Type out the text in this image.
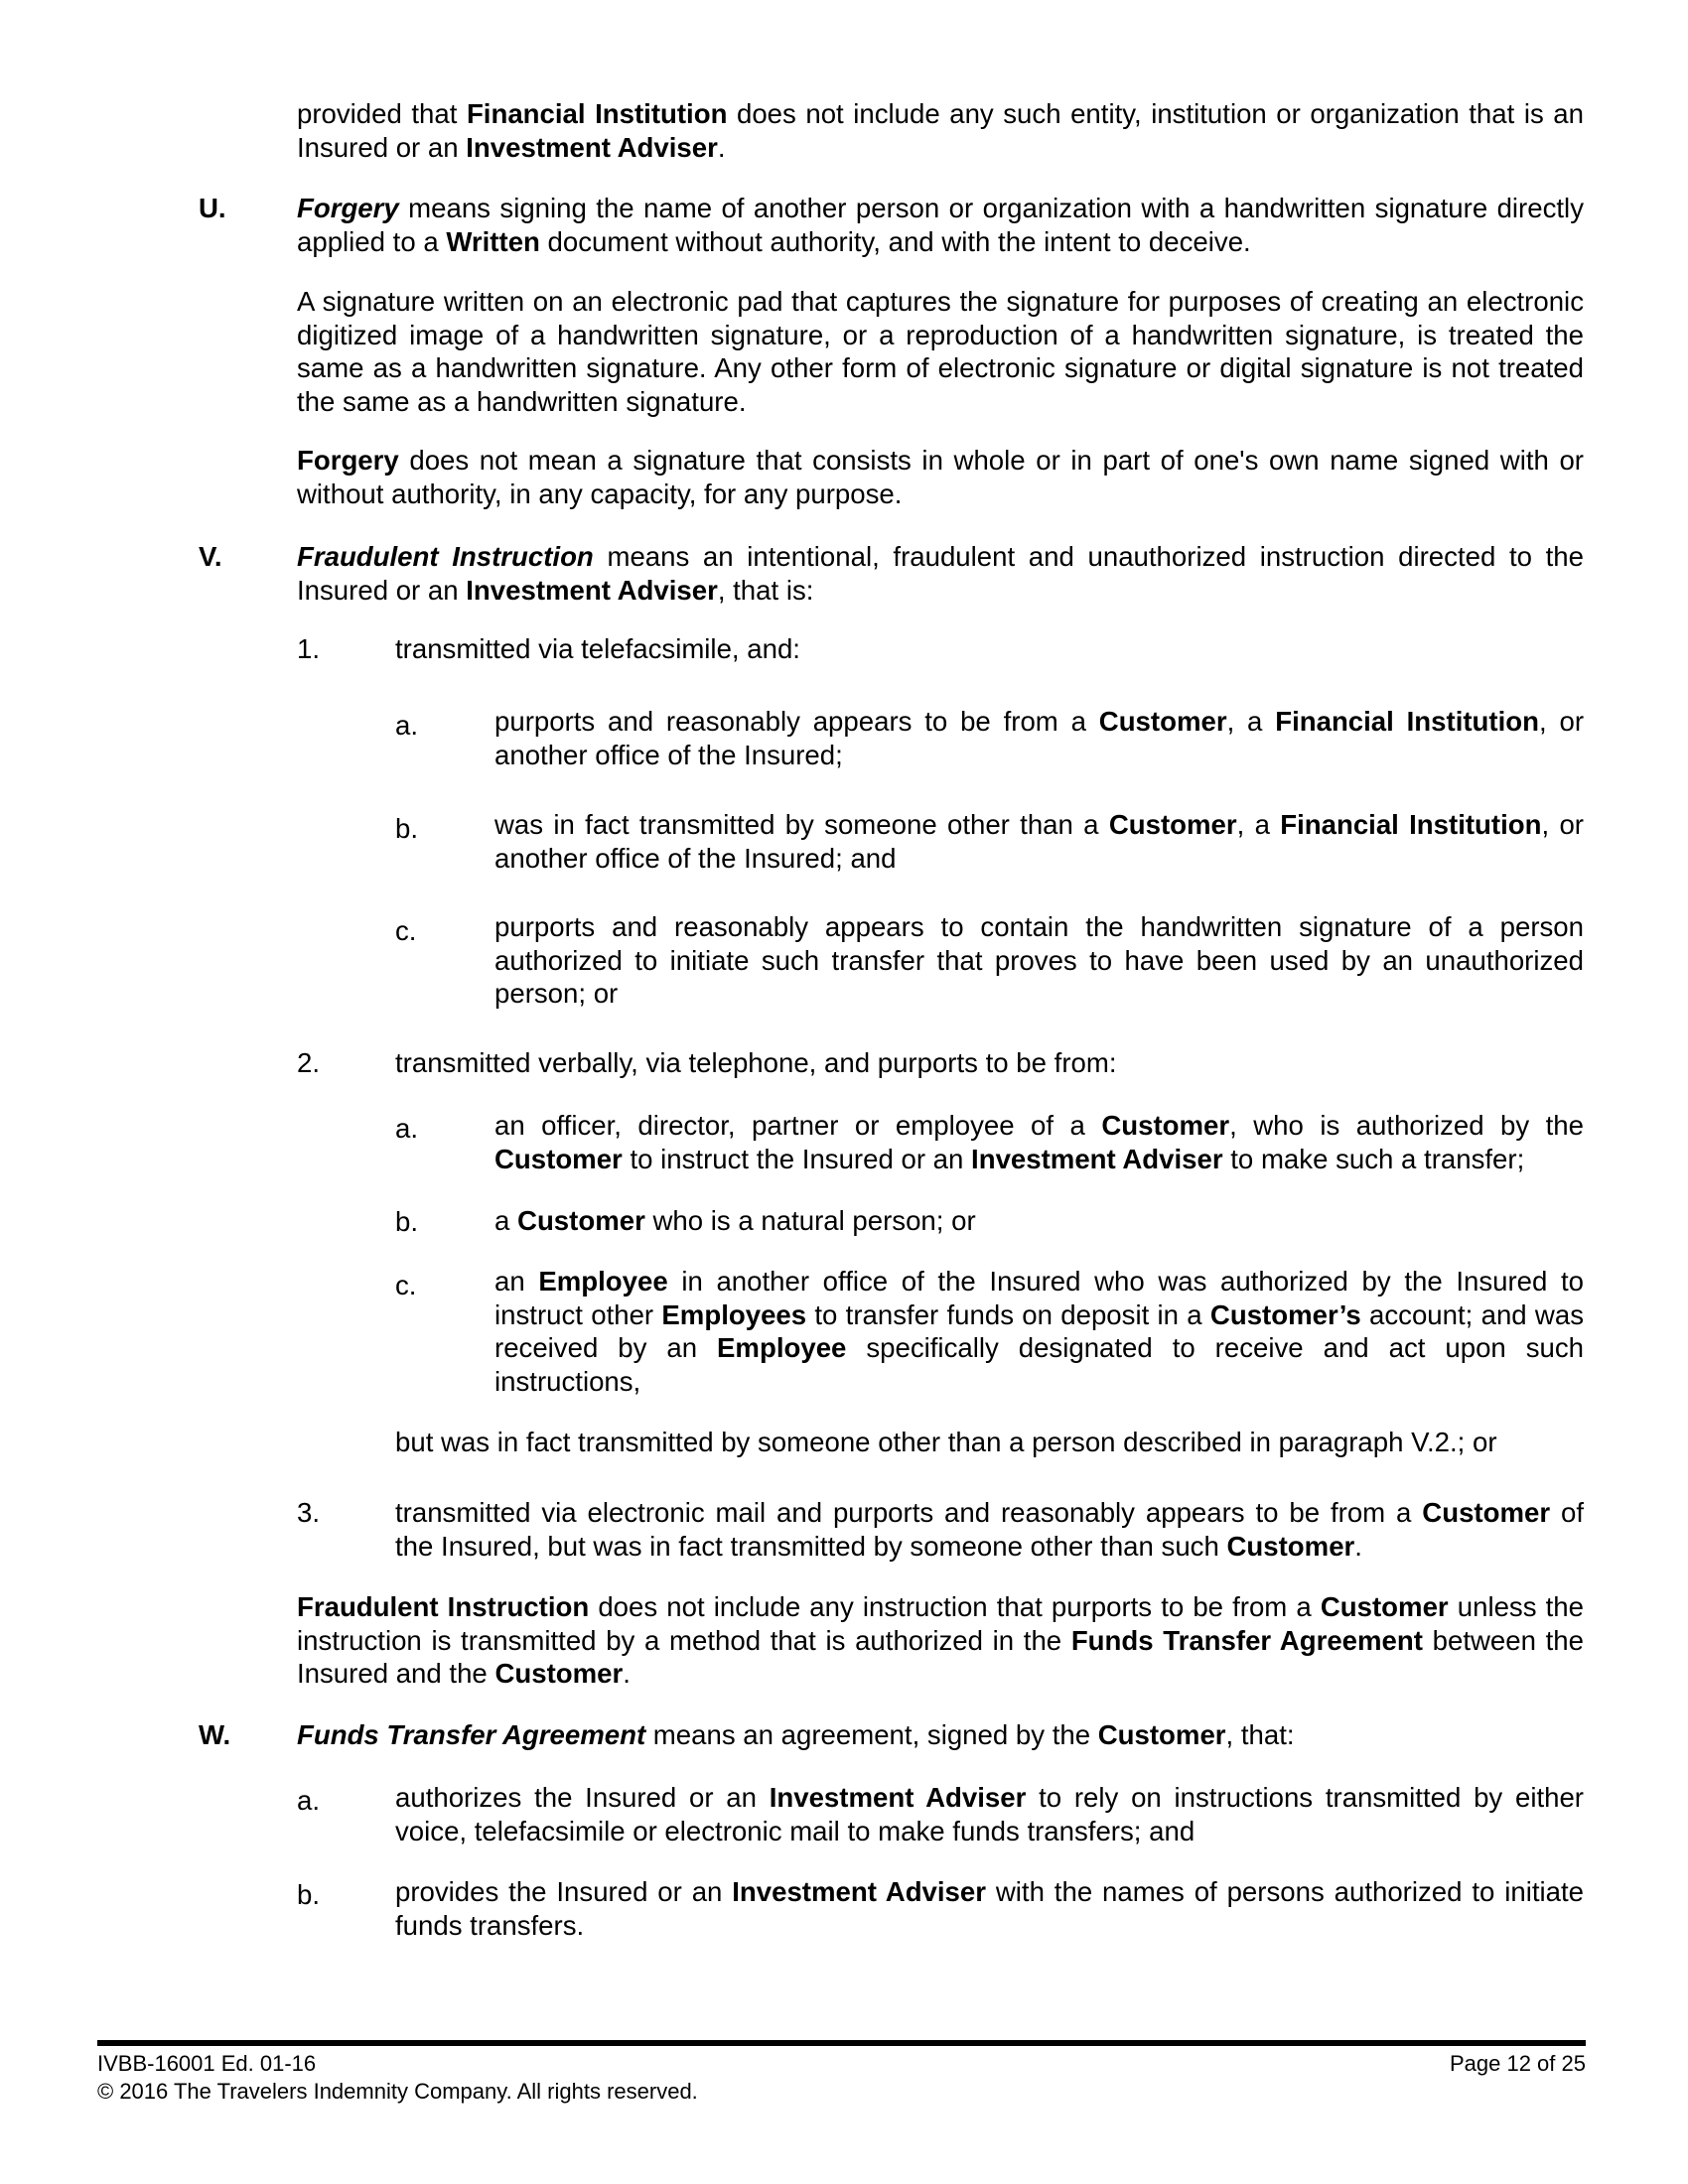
provided that Financial Institution does not include any such entity, institution or organization that is an Insured or an Investment Adviser.
U.	Forgery means signing the name of another person or organization with a handwritten signature directly applied to a Written document without authority, and with the intent to deceive.
A signature written on an electronic pad that captures the signature for purposes of creating an electronic digitized image of a handwritten signature, or a reproduction of a handwritten signature, is treated the same as a handwritten signature. Any other form of electronic signature or digital signature is not treated the same as a handwritten signature.
Forgery does not mean a signature that consists in whole or in part of one's own name signed with or without authority, in any capacity, for any purpose.
V.	Fraudulent Instruction means an intentional, fraudulent and unauthorized instruction directed to the Insured or an Investment Adviser, that is:
1.	transmitted via telefacsimile, and:
a.	purports and reasonably appears to be from a Customer, a Financial Institution, or another office of the Insured;
b.	was in fact transmitted by someone other than a Customer, a Financial Institution, or another office of the Insured; and
c.	purports and reasonably appears to contain the handwritten signature of a person authorized to initiate such transfer that proves to have been used by an unauthorized person; or
2.	transmitted verbally, via telephone, and purports to be from:
a.	an officer, director, partner or employee of a Customer, who is authorized by the Customer to instruct the Insured or an Investment Adviser to make such a transfer;
b.	a Customer who is a natural person; or
c.	an Employee in another office of the Insured who was authorized by the Insured to instruct other Employees to transfer funds on deposit in a Customer’s account; and was received by an Employee specifically designated to receive and act upon such instructions,
but was in fact transmitted by someone other than a person described in paragraph V.2.; or
3.	transmitted via electronic mail and purports and reasonably appears to be from a Customer of the Insured, but was in fact transmitted by someone other than such Customer.
Fraudulent Instruction does not include any instruction that purports to be from a Customer unless the instruction is transmitted by a method that is authorized in the Funds Transfer Agreement between the Insured and the Customer.
W. Funds Transfer Agreement means an agreement, signed by the Customer, that:
a.	authorizes the Insured or an Investment Adviser to rely on instructions transmitted by either voice, telefacsimile or electronic mail to make funds transfers; and
b.	provides the Insured or an Investment Adviser with the names of persons authorized to initiate funds transfers.
IVBB-16001 Ed. 01-16	Page 12 of 25
© 2016 The Travelers Indemnity Company. All rights reserved.
